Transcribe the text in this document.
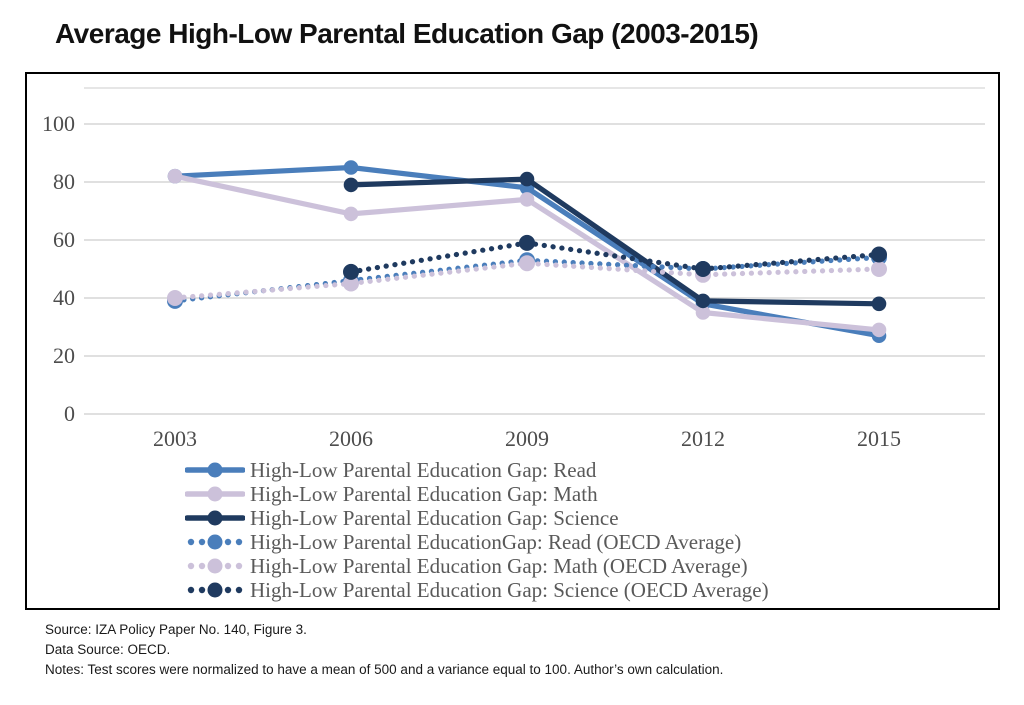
Average High-Low Parental Education Gap (2003-2015)
0
20
40
60
80
100
2003	2006	2009	2012	2015
High-Low Parental Education Gap: Read
High-Low Parental Education Gap: Math
High-Low Parental Education Gap: Science
High-Low Parental EducationGap: Read (OECD Average)
High-Low Parental Education Gap: Math (OECD Average)
High-Low Parental Education Gap: Science (OECD Average)
Source: IZA Policy Paper No. 140, Figure 3.
Data Source: OECD.
Notes: Test scores were normalized to have a mean of 500 and a variance equal to 100. Author’s own calculation.
